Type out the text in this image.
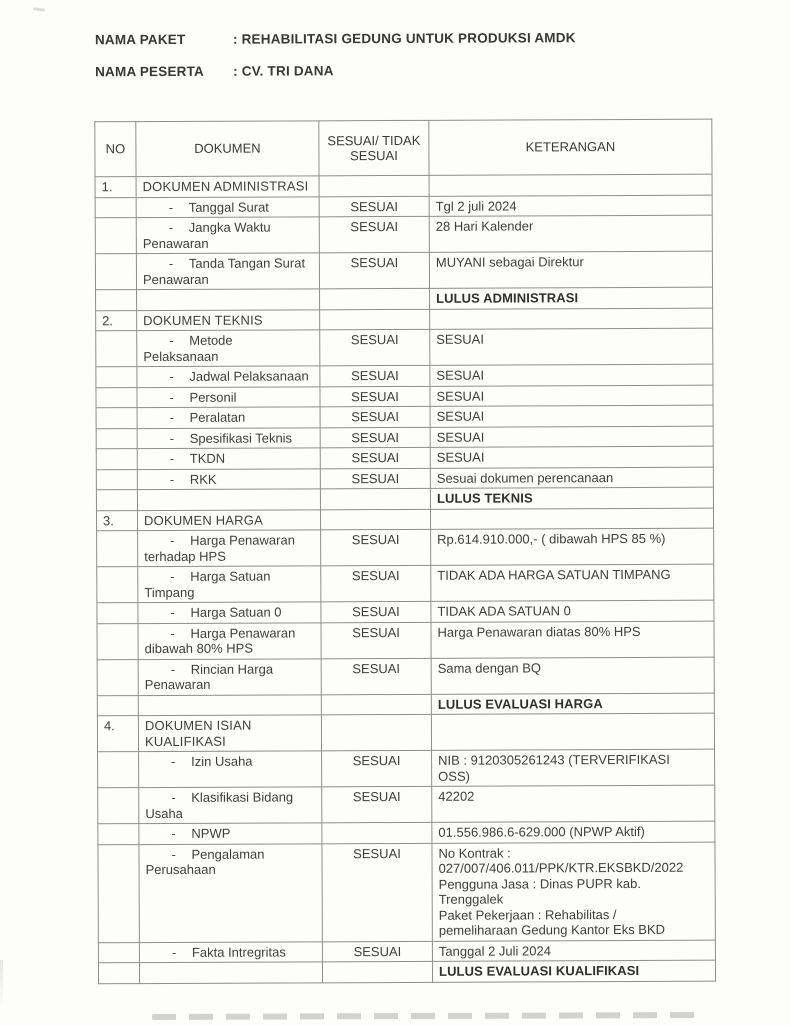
NAMA PAKET	: REHABILITASI GEDUNG UNTUK PRODUKSI AMDK
NAMA PESERTA	: CV. TRI DANA
NO	DOKUMEN	SESUAI/ TIDAK
SESUAI	KETERANGAN
1.	DOKUMEN ADMINISTRASI		
	- Tanggal Surat	SESUAI	Tgl 2 juli 2024
	- Jangka Waktu
Penawaran	SESUAI	28 Hari Kalender
	- Tanda Tangan Surat
Penawaran	SESUAI	MUYANI sebagai Direktur
			LULUS ADMINISTRASI
2.	DOKUMEN TEKNIS		
	- Metode
Pelaksanaan	SESUAI	SESUAI
	- Jadwal Pelaksanaan	SESUAI	SESUAI
	- Personil	SESUAI	SESUAI
	- Peralatan	SESUAI	SESUAI
	- Spesifikasi Teknis	SESUAI	SESUAI
	- TKDN	SESUAI	SESUAI
	- RKK	SESUAI	Sesuai dokumen perencanaan
			LULUS TEKNIS
3.	DOKUMEN HARGA		
	- Harga Penawaran
terhadap HPS	SESUAI	Rp.614.910.000,- ( dibawah HPS 85 %)
	- Harga Satuan
Timpang	SESUAI	TIDAK ADA HARGA SATUAN TIMPANG
	- Harga Satuan 0	SESUAI	TIDAK ADA SATUAN 0
	- Harga Penawaran
dibawah 80% HPS	SESUAI	Harga Penawaran diatas 80% HPS
	- Rincian Harga
Penawaran	SESUAI	Sama dengan BQ
			LULUS EVALUASI HARGA
4.	DOKUMEN ISIAN
KUALIFIKASI		
	- Izin Usaha	SESUAI	NIB : 9120305261243 (TERVERIFIKASI
OSS)
	- Klasifikasi Bidang
Usaha	SESUAI	42202
	- NPWP		01.556.986.6-629.000 (NPWP Aktif)
	- Pengalaman
Perusahaan	SESUAI	No Kontrak :
027/007/406.011/PPK/KTR.EKSBKD/2022
Pengguna Jasa : Dinas PUPR kab.
Trenggalek
Paket Pekerjaan : Rehabilitas /
pemeliharaan Gedung Kantor Eks BKD
	- Fakta Intregritas	SESUAI	Tanggal 2 Juli 2024
			LULUS EVALUASI KUALIFIKASI
